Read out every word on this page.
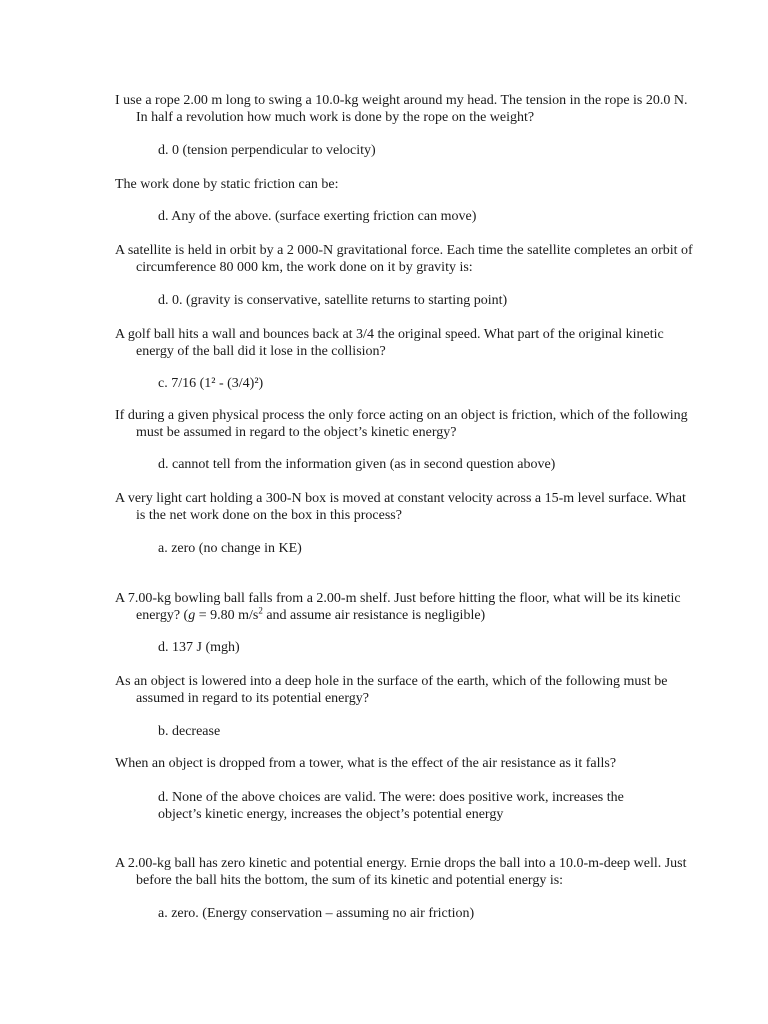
I use a rope 2.00 m long to swing a 10.0-kg weight around my head. The tension in the rope is 20.0 N. In half a revolution how much work is done by the rope on the weight?

d. 0 (tension perpendicular to velocity)

The work done by static friction can be:

d. Any of the above. (surface exerting friction can move)

A satellite is held in orbit by a 2 000-N gravitational force. Each time the satellite completes an orbit of circumference 80 000 km, the work done on it by gravity is:

d. 0. (gravity is conservative, satellite returns to starting point)

A golf ball hits a wall and bounces back at 3/4 the original speed. What part of the original kinetic energy of the ball did it lose in the collision?

c. 7/16 (1² - (3/4)²)

If during a given physical process the only force acting on an object is friction, which of the following must be assumed in regard to the object’s kinetic energy?

d. cannot tell from the information given (as in second question above)

A very light cart holding a 300-N box is moved at constant velocity across a 15-m level surface. What is the net work done on the box in this process?

a. zero (no change in KE)

A 7.00-kg bowling ball falls from a 2.00-m shelf. Just before hitting the floor, what will be its kinetic energy? (g = 9.80 $m/s^2$ and assume air resistance is negligible)

d. 137 J (mgh)

As an object is lowered into a deep hole in the surface of the earth, which of the following must be assumed in regard to its potential energy?

b. decrease

When an object is dropped from a tower, what is the effect of the air resistance as it falls?

d. None of the above choices are valid. The were: does positive work, increases the object’s kinetic energy, increases the object’s potential energy

A 2.00-kg ball has zero kinetic and potential energy. Ernie drops the ball into a 10.0-m-deep well. Just before the ball hits the bottom, the sum of its kinetic and potential energy is:

a. zero. (Energy conservation – assuming no air friction)
